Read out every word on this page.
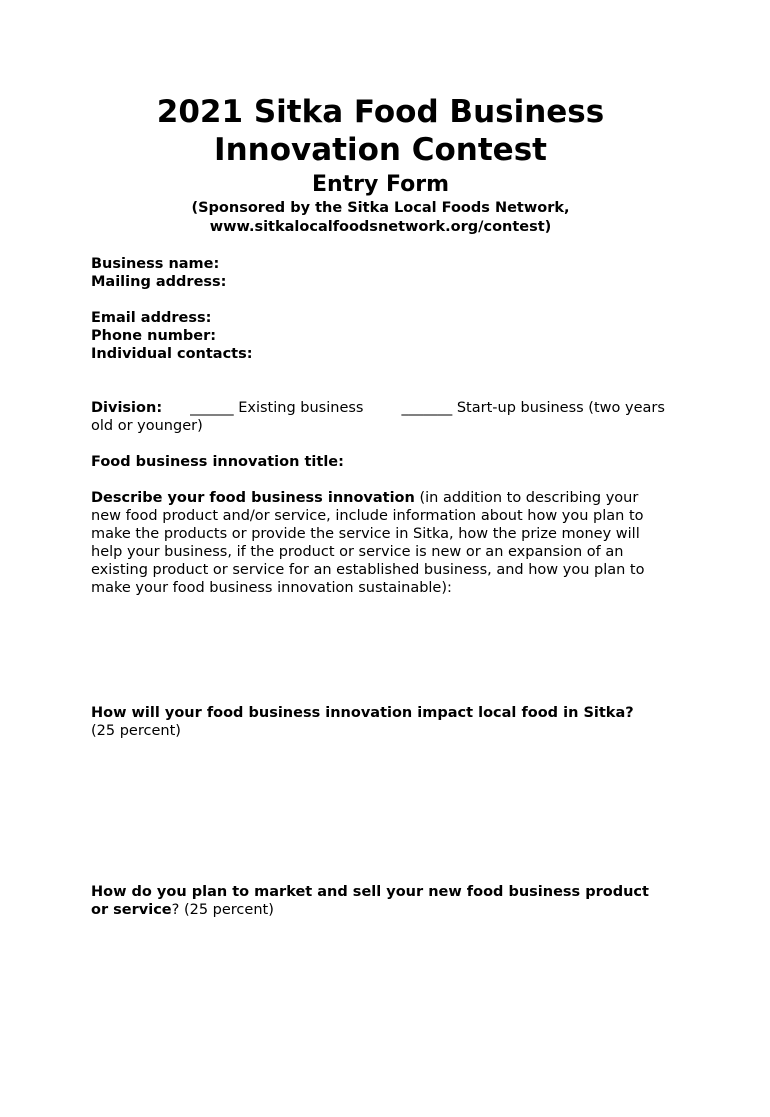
2021 Sitka Food Business Innovation Contest
Entry Form
(Sponsored by the Sitka Local Foods Network,
www.sitkalocalfoodsnetwork.org/contest)
Business name:
Mailing address:
Email address:
Phone number:
Individual contacts:
Division: ______ Existing business	_______ Start-up business (two years old or younger)
Food business innovation title:
Describe your food business innovation (in addition to describing your new food product and/or service, include information about how you plan to make the products or provide the service in Sitka, how the prize money will help your business, if the product or service is new or an expansion of an existing product or service for an established business, and how you plan to make your food business innovation sustainable):
How will your food business innovation impact local food in Sitka?
(25 percent)
How do you plan to market and sell your new food business product or service? (25 percent)
